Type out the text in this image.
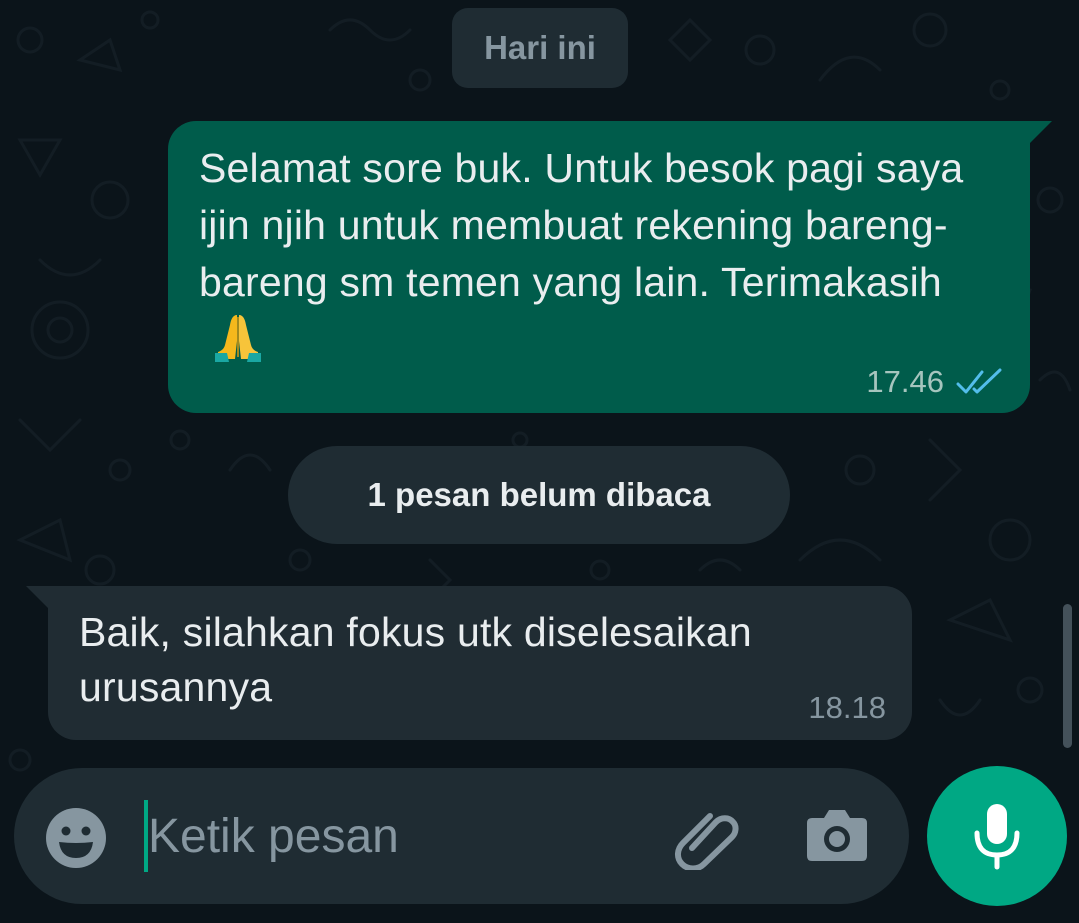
Hari ini
Selamat sore buk. Untuk besok pagi saya ijin njih untuk membuat rekening bareng-bareng sm temen yang lain. Terimakasih
17.46
1 pesan belum dibaca
Baik, silahkan fokus utk diselesaikan urusannya	18.18
Ketik pesan
